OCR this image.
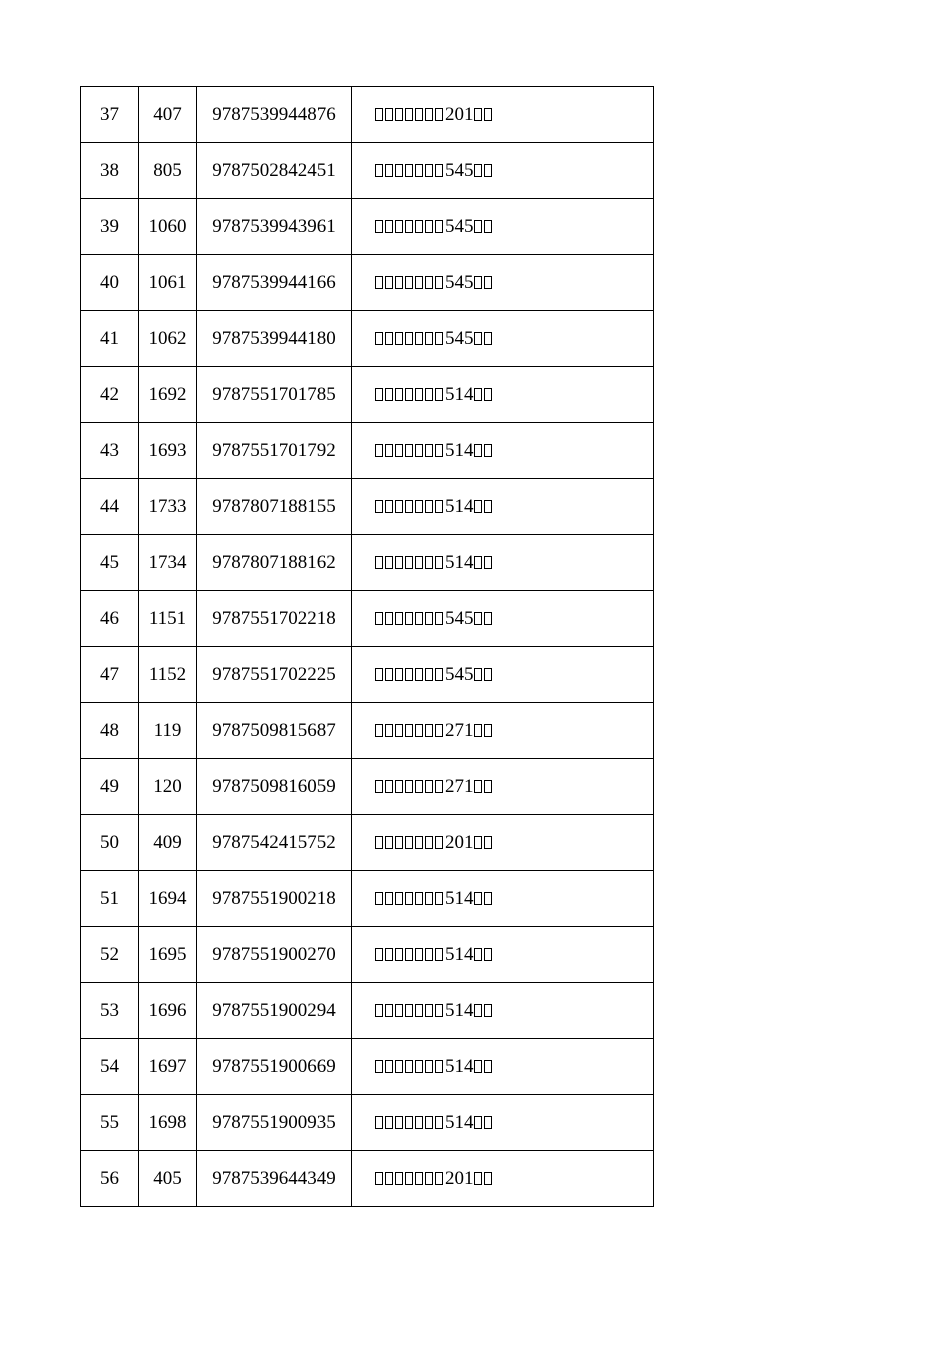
37	407	9787539944876	201
38	805	9787502842451	545
39	1060	9787539943961	545
40	1061	9787539944166	545
41	1062	9787539944180	545
42	1692	9787551701785	514
43	1693	9787551701792	514
44	1733	9787807188155	514
45	1734	9787807188162	514
46	1151	9787551702218	545
47	1152	9787551702225	545
48	119	9787509815687	271
49	120	9787509816059	271
50	409	9787542415752	201
51	1694	9787551900218	514
52	1695	9787551900270	514
53	1696	9787551900294	514
54	1697	9787551900669	514
55	1698	9787551900935	514
56	405	9787539644349	201
